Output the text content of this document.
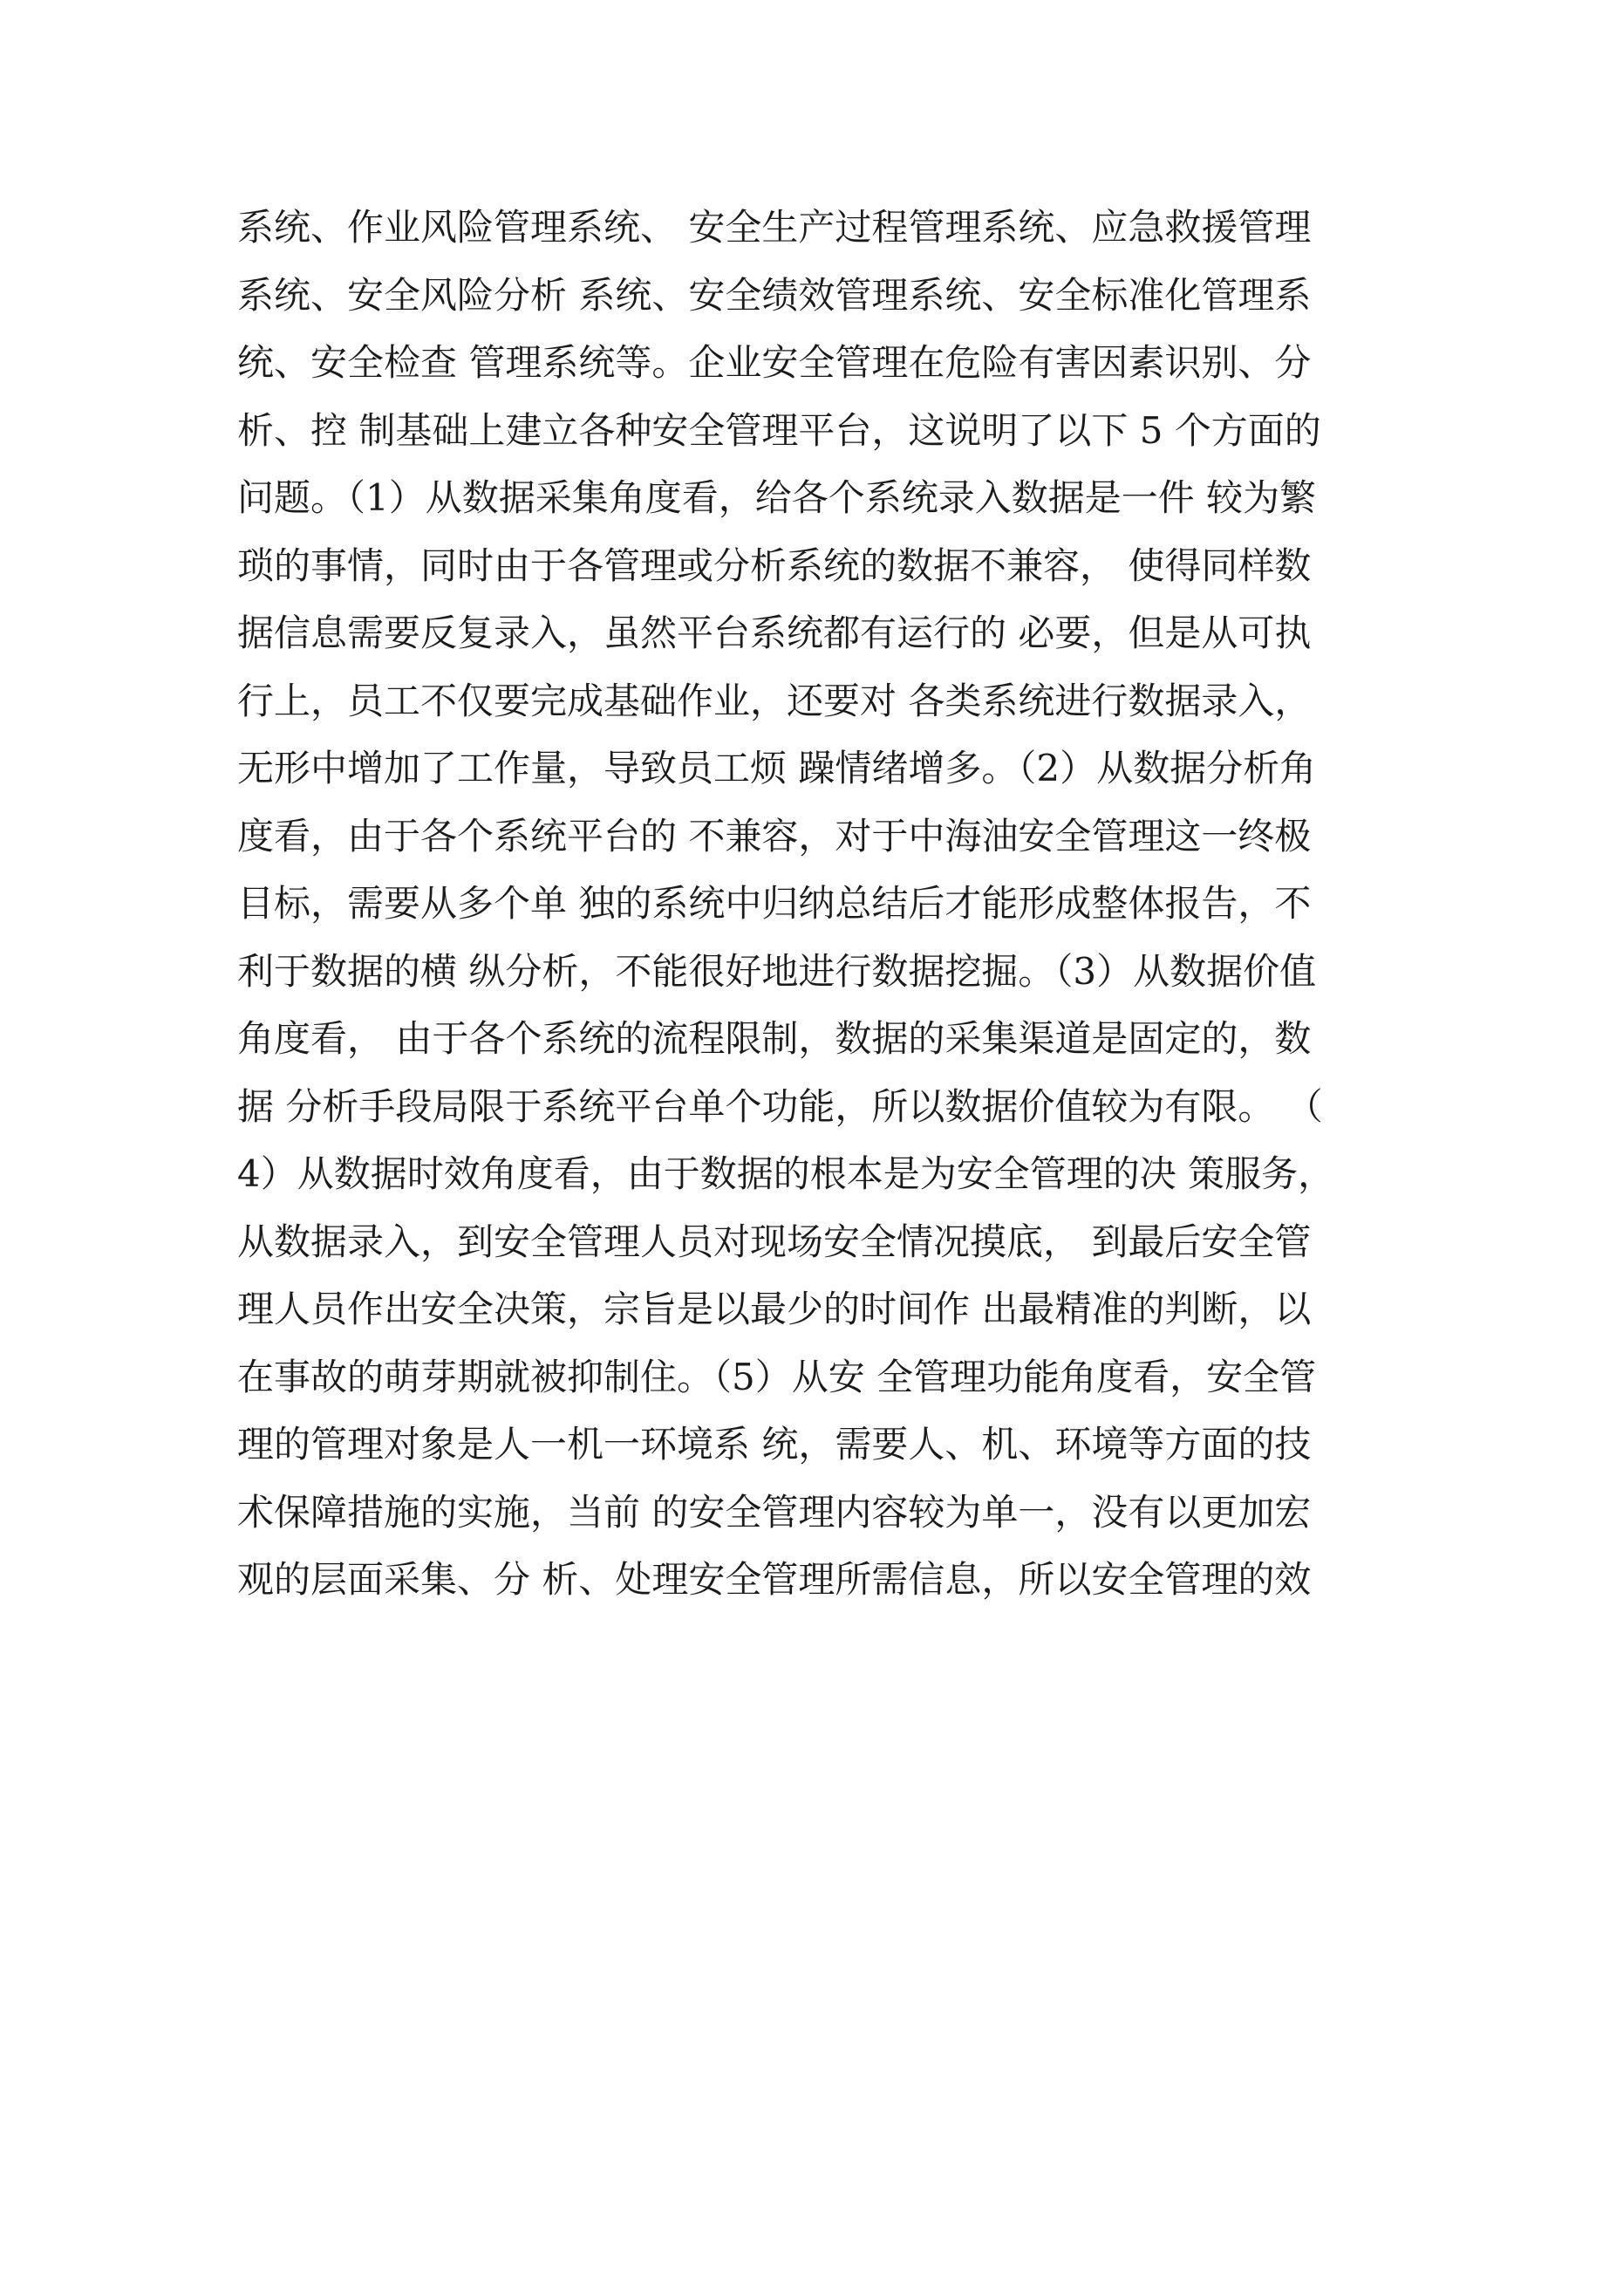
系统、作业风险管理系统、 安全生产过程管理系统、应急救援管理
系统、安全风险分析 系统、安全绩效管理系统、安全标准化管理系
统、安全检查 管理系统等。企业安全管理在危险有害因素识别、分
析、控 制基础上建立各种安全管理平台，这说明了以下 5 个方面的
问题。（1）从数据采集角度看，给各个系统录入数据是一件 较为繁
琐的事情，同时由于各管理或分析系统的数据不兼容， 使得同样数
据信息需要反复录入，虽然平台系统都有运行的 必要，但是从可执
行上，员工不仅要完成基础作业，还要对 各类系统进行数据录入，
无形中增加了工作量，导致员工烦 躁情绪增多。（2）从数据分析角
度看，由于各个系统平台的 不兼容，对于中海油安全管理这一终极
目标，需要从多个单 独的系统中归纳总结后才能形成整体报告，不
利于数据的横 纵分析，不能很好地进行数据挖掘。（3）从数据价值
角度看， 由于各个系统的流程限制，数据的采集渠道是固定的，数
据 分析手段局限于系统平台单个功能，所以数据价值较为有限。 （
4）从数据时效角度看，由于数据的根本是为安全管理的决 策服务，
从数据录入，到安全管理人员对现场安全情况摸底， 到最后安全管
理人员作出安全决策，宗旨是以最少的时间作 出最精准的判断，以
在事故的萌芽期就被抑制住。（5）从安 全管理功能角度看，安全管
理的管理对象是人一机一环境系 统，需要人、机、环境等方面的技
术保障措施的实施，当前 的安全管理内容较为单一，没有以更加宏
观的层面采集、分 析、处理安全管理所需信息，所以安全管理的效
